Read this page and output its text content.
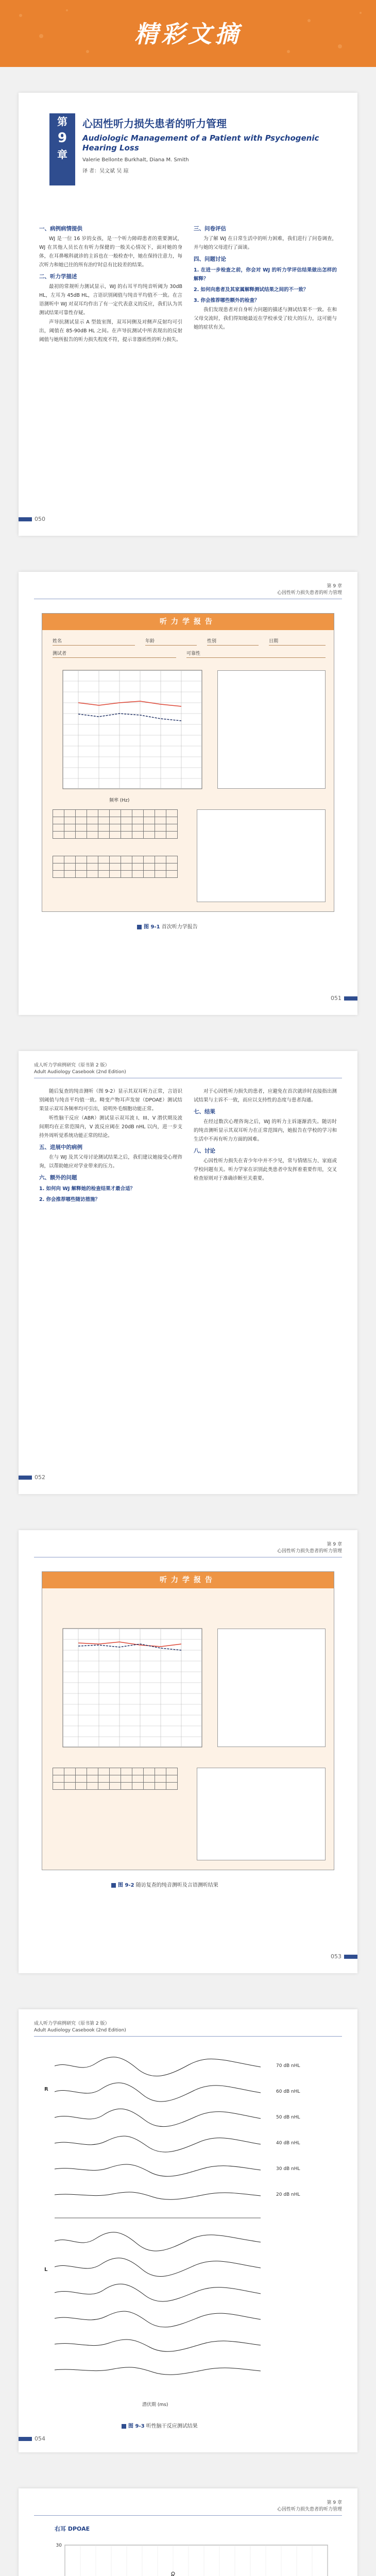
精彩文摘
第
9
章
心因性听力损失患者的听力管理
Audiologic Management of a Patient with Psychogenic Hearing Loss
Valerie Bellonte Burkhalt, Diana M. Smith
译 者：吴文斌 吴 琼
一、病例病情提供

WJ 是一位 16 岁的女孩，是一个听力障碍患者的重要测试，WJ 在其他人员长在有听力保健的一般关心情况下，面对她的身体，在耳鼻喉科就诊的主诉也在一般检查中，她在保持注意力，每次听力和她已往的所有治疗时总有比较差的结果。

二、听力学描述

最初的常规听力测试显示，WJ 的右耳平均纯音听阈为 30dB HL，左耳为 45dB HL，言语识别阈值与纯音平均值不一致。在言语测听中 WJ 对双耳均作出了有一定代表意义的反应，我们认为其测试结果可靠性存疑。

声导抗测试显示 A 型鼓室图，双耳同侧及对侧声反射均可引出，阈值在 85-90dB HL 之间。在声导抗测试中所表现出的反射阈值与她所报告的听力损失程度不符，提示非器质性的听力损失。

三、问卷评估

为了解 WJ 在日常生活中的听力困难，我们进行了问卷调查，并与她的父母进行了面谈。

四、问题讨论
1. 在进一步检查之前，你会对 WJ 的听力学评估结果做出怎样的解释？
2. 如何向患者及其家属解释测试结果之间的不一致？
3. 你会推荐哪些额外的检查？

我们发现患者对自身听力问题的描述与测试结果不一致。在和父母交流时，我们得知她最近在学校承受了较大的压力，这可能与她的症状有关。

050
第 9 章
心因性听力损失患者的听力管理
听力学报告
姓名	年龄	性别	日期
测试者	可靠性
频率 (Hz)

图 9-1 首次听力学报告
051
成人听力学病例研究（原书第 2 版）
Adult Audiology Casebook (2nd Edition)

随后复查的纯音测听（图 9-2）显示其双耳听力正常，言语识别阈值与纯音平均值一致。畸变产物耳声发射（DPOAE）测试结果显示双耳各频率均可引出，说明外毛细胞功能正常。

听性脑干反应（ABR）测试显示双耳波 I、III、V 潜伏期及波间期均在正常范围内，V 波反应阈在 20dB nHL 以内，进一步支持外周听觉系统功能正常的结论。

五、进展中的病例

在与 WJ 及其父母讨论测试结果之后，我们建议她接受心理咨询，以帮助她应对学业带来的压力。

六、额外的问题
1. 如何向 WJ 解释她的检查结果才最合适？
2. 你会推荐哪些随访措施？

对于心因性听力损失的患者，应避免在首次就诊时直接指出测试结果与主诉不一致，而应以支持性的态度与患者沟通。

七、结果

在经过数次心理咨询之后，WJ 的听力主诉逐渐消失。随访时的纯音测听显示其双耳听力在正常范围内，她报告在学校的学习和生活中不再有听力方面的困难。

八、讨论

心因性听力损失在青少年中并不少见，常与情绪压力、家庭或学校问题有关。听力学家在识别此类患者中发挥着重要作用，交叉检查原则对于准确诊断至关重要。

052
第 9 章
心因性听力损失患者的听力管理
听力学报告

图 9-2 随访复查的纯音测听及言语测听结果
053
成人听力学病例研究（原书第 2 版）
Adult Audiology Casebook (2nd Edition)
R
L
70 dB nHL
60 dB nHL
50 dB nHL
40 dB nHL
30 dB nHL
20 dB nHL
潜伏期 (ms)
图 9-3 听性脑干反应测试结果
054
第 9 章
心因性听力损失患者的听力管理
右耳 DPOAE
30
